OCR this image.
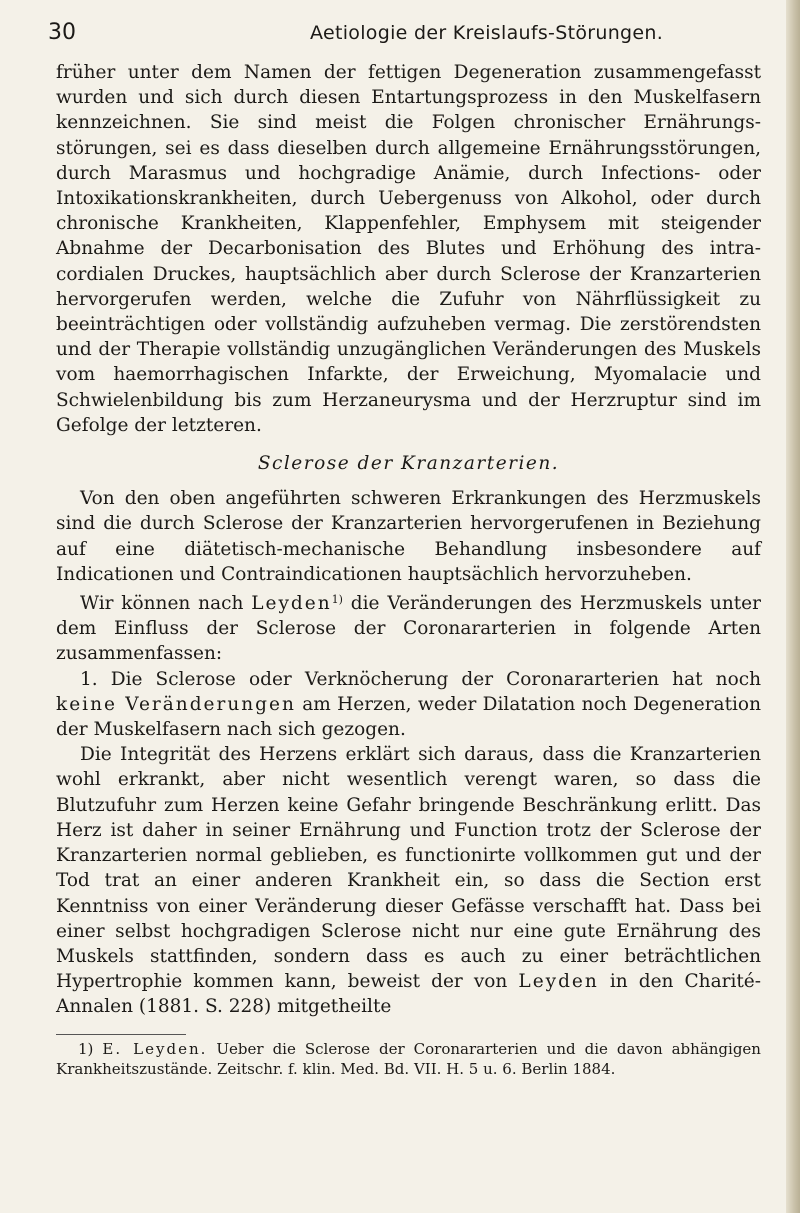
30	Aetiologie der Kreislaufs-Störungen.

früher unter dem Namen der fettigen Degeneration zusammengefasst wurden und sich durch diesen Entartungsprozess in den Muskelfasern kennzeichnen. Sie sind meist die Folgen chronischer Ernährungsstörungen, sei es dass dieselben durch allgemeine Ernährungsstörungen, durch Marasmus und hochgradige Anämie, durch Infections- oder Intoxikationskrankheiten, durch Uebergenuss von Alkohol, oder durch chronische Krankheiten, Klappenfehler, Emphysem mit steigender Abnahme der Decarbonisation des Blutes und Erhöhung des intracordialen Druckes, hauptsächlich aber durch Sclerose der Kranzarterien hervorgerufen werden, welche die Zufuhr von Nährflüssigkeit zu beeinträchtigen oder vollständig aufzuheben vermag. Die zerstörendsten und der Therapie vollständig unzugänglichen Veränderungen des Muskels vom haemorrhagischen Infarkte, der Erweichung, Myomalacie und Schwielenbildung bis zum Herzaneurysma und der Herzruptur sind im Gefolge der letzteren.

Sclerose der Kranzarterien.

Von den oben angeführten schweren Erkrankungen des Herzmuskels sind die durch Sclerose der Kranzarterien hervorgerufenen in Beziehung auf eine diätetisch-mechanische Behandlung insbesondere auf Indicationen und Contraindicationen hauptsächlich hervorzuheben.

Wir können nach Leyden$^{1)}$ die Veränderungen des Herzmuskels unter dem Einfluss der Sclerose der Coronararterien in folgende Arten zusammenfassen:

1. Die Sclerose oder Verknöcherung der Coronararterien hat noch keine Veränderungen am Herzen, weder Dilatation noch Degeneration der Muskelfasern nach sich gezogen.

Die Integrität des Herzens erklärt sich daraus, dass die Kranzarterien wohl erkrankt, aber nicht wesentlich verengt waren, so dass die Blutzufuhr zum Herzen keine Gefahr bringende Beschränkung erlitt. Das Herz ist daher in seiner Ernährung und Function trotz der Sclerose der Kranzarterien normal geblieben, es functionirte vollkommen gut und der Tod trat an einer anderen Krankheit ein, so dass die Section erst Kenntniss von einer Veränderung dieser Gefässe verschafft hat. Dass bei einer selbst hochgradigen Sclerose nicht nur eine gute Ernährung des Muskels stattfinden, sondern dass es auch zu einer beträchtlichen Hypertrophie kommen kann, beweist der von Leyden in den Charité-Annalen (1881. S. 228) mitgetheilte

1) E. Leyden. Ueber die Sclerose der Coronararterien und die davon abhängigen Krankheitszustände. Zeitschr. f. klin. Med. Bd. VII. H. 5 u. 6. Berlin 1884.
